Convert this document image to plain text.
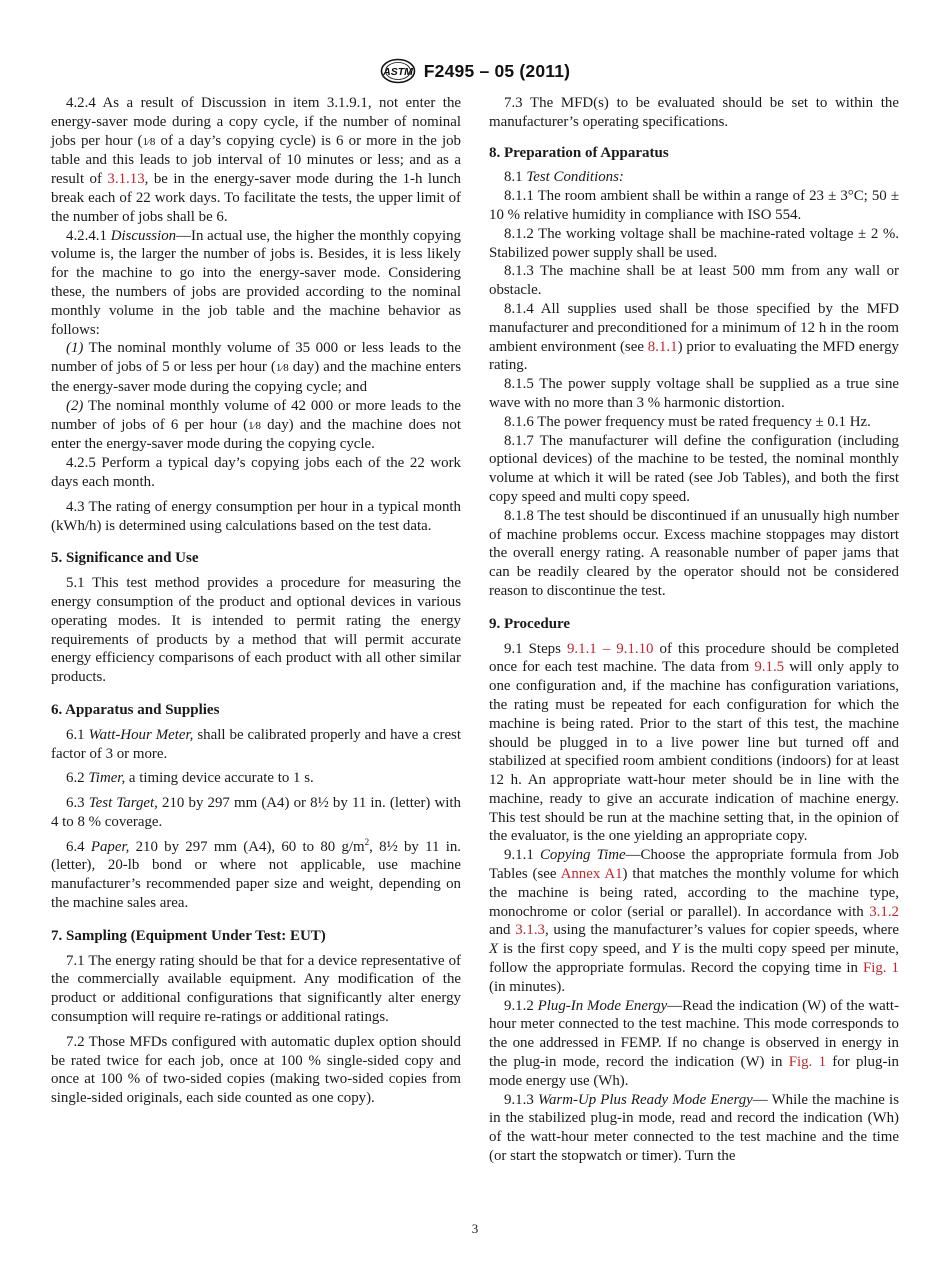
ASTM F2495 – 05 (2011)

4.2.4 As a result of Discussion in item 3.1.9.1, not enter the energy-saver mode during a copy cycle, if the number of nominal jobs per hour (1⁄8 of a day’s copying cycle) is 6 or more in the job table and this leads to job interval of 10 minutes or less; and as a result of 3.1.13, be in the energy-saver mode during the 1-h lunch break each of 22 work days. To facilitate the tests, the upper limit of the number of jobs shall be 6.

4.2.4.1 Discussion—In actual use, the higher the monthly copying volume is, the larger the number of jobs is. Besides, it is less likely for the machine to go into the energy-saver mode. Considering these, the numbers of jobs are provided according to the nominal monthly volume in the job table and the machine behavior as follows:

(1) The nominal monthly volume of 35 000 or less leads to the number of jobs of 5 or less per hour (1⁄8 day) and the machine enters the energy-saver mode during the copying cycle; and

(2) The nominal monthly volume of 42 000 or more leads to the number of jobs of 6 per hour (1⁄8 day) and the machine does not enter the energy-saver mode during the copying cycle.

4.2.5 Perform a typical day’s copying jobs each of the 22 work days each month.

4.3 The rating of energy consumption per hour in a typical month (kWh/h) is determined using calculations based on the test data.

5. Significance and Use

5.1 This test method provides a procedure for measuring the energy consumption of the product and optional devices in various operating modes. It is intended to permit rating the energy requirements of products by a method that will permit accurate energy efficiency comparisons of each product with all other similar products.

6. Apparatus and Supplies

6.1 Watt-Hour Meter, shall be calibrated properly and have a crest factor of 3 or more.

6.2 Timer, a timing device accurate to 1 s.

6.3 Test Target, 210 by 297 mm (A4) or 8½ by 11 in. (letter) with 4 to 8 % coverage.

6.4 Paper, 210 by 297 mm (A4), 60 to 80 $g/m^2$, 8½ by 11 in. (letter), 20-lb bond or where not applicable, use machine manufacturer’s recommended paper size and weight, depending on the machine sales area.

7. Sampling (Equipment Under Test: EUT)

7.1 The energy rating should be that for a device representative of the commercially available equipment. Any modification of the product or additional configurations that significantly alter energy consumption will require re-ratings or additional ratings.

7.2 Those MFDs configured with automatic duplex option should be rated twice for each job, once at 100 % single-sided copy and once at 100 % of two-sided copies (making two-sided copies from single-sided originals, each side counted as one copy).

7.3 The MFD(s) to be evaluated should be set to within the manufacturer’s operating specifications.

8. Preparation of Apparatus

8.1 Test Conditions:

8.1.1 The room ambient shall be within a range of 23 ± 3°C; 50 ± 10 % relative humidity in compliance with ISO 554.

8.1.2 The working voltage shall be machine-rated voltage ± 2 %. Stabilized power supply shall be used.

8.1.3 The machine shall be at least 500 mm from any wall or obstacle.

8.1.4 All supplies used shall be those specified by the MFD manufacturer and preconditioned for a minimum of 12 h in the room ambient environment (see 8.1.1) prior to evaluating the MFD energy rating.

8.1.5 The power supply voltage shall be supplied as a true sine wave with no more than 3 % harmonic distortion.

8.1.6 The power frequency must be rated frequency ± 0.1 Hz.

8.1.7 The manufacturer will define the configuration (including optional devices) of the machine to be tested, the nominal monthly volume at which it will be rated (see Job Tables), and both the first copy speed and multi copy speed.

8.1.8 The test should be discontinued if an unusually high number of machine problems occur. Excess machine stoppages may distort the overall energy rating. A reasonable number of paper jams that can be readily cleared by the operator should not be considered reason to discontinue the test.

9. Procedure

9.1 Steps 9.1.1 – 9.1.10 of this procedure should be completed once for each test machine. The data from 9.1.5 will only apply to one configuration and, if the machine has configuration variations, the rating must be repeated for each configuration for which the machine is being rated. Prior to the start of this test, the machine should be plugged in to a live power line but turned off and stabilized at specified room ambient conditions (indoors) for at least 12 h. An appropriate watt-hour meter should be in line with the machine, ready to give an accurate indication of machine energy. This test should be run at the machine setting that, in the opinion of the evaluator, is the one yielding an appropriate copy.

9.1.1 Copying Time—Choose the appropriate formula from Job Tables (see Annex A1) that matches the monthly volume for which the machine is being rated, according to the machine type, monochrome or color (serial or parallel). In accordance with 3.1.2 and 3.1.3, using the manufacturer’s values for copier speeds, where X is the first copy speed, and Y is the multi copy speed per minute, follow the appropriate formulas. Record the copying time in Fig. 1 (in minutes).

9.1.2 Plug-In Mode Energy—Read the indication (W) of the watt-hour meter connected to the test machine. This mode corresponds to the one addressed in FEMP. If no change is observed in energy in the plug-in mode, record the indication (W) in Fig. 1 for plug-in mode energy use (Wh).

9.1.3 Warm-Up Plus Ready Mode Energy— While the machine is in the stabilized plug-in mode, read and record the indication (Wh) of the watt-hour meter connected to the test machine and the time (or start the stopwatch or timer). Turn the

3
